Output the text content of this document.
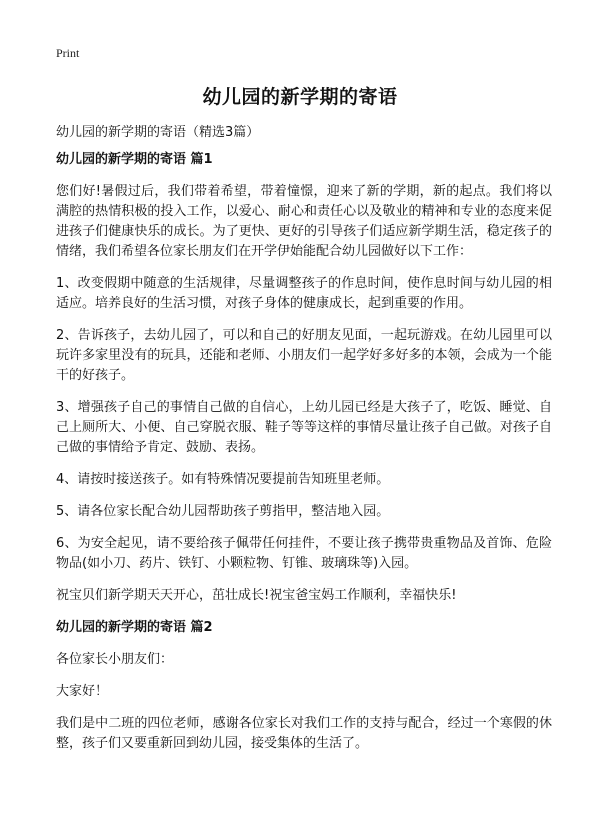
Print
幼儿园的新学期的寄语
幼儿园的新学期的寄语（精选3篇）
幼儿园的新学期的寄语 篇1

您们好!暑假过后，我们带着希望，带着憧憬，迎来了新的学期，新的起点。我们将以满腔的热情积极的投入工作，以爱心、耐心和责任心以及敬业的精神和专业的态度来促进孩子们健康快乐的成长。为了更快、更好的引导孩子们适应新学期生活，稳定孩子的情绪，我们希望各位家长朋友们在开学伊始能配合幼儿园做好以下工作：

1、改变假期中随意的生活规律，尽量调整孩子的作息时间，使作息时间与幼儿园的相适应。培养良好的生活习惯，对孩子身体的健康成长，起到重要的作用。

2、告诉孩子，去幼儿园了，可以和自己的好朋友见面，一起玩游戏。在幼儿园里可以玩许多家里没有的玩具，还能和老师、小朋友们一起学好多好多的本领，会成为一个能干的好孩子。

3、增强孩子自己的事情自己做的自信心，上幼儿园已经是大孩子了，吃饭、睡觉、自己上厕所大、小便、自己穿脱衣服、鞋子等等这样的事情尽量让孩子自己做。对孩子自己做的事情给予肯定、鼓励、表扬。

4、请按时接送孩子。如有特殊情况要提前告知班里老师。

5、请各位家长配合幼儿园帮助孩子剪指甲，整洁地入园。

6、为安全起见，请不要给孩子佩带任何挂件，不要让孩子携带贵重物品及首饰、危险物品(如小刀、药片、铁钉、小颗粒物、钉锥、玻璃珠等)入园。

祝宝贝们新学期天天开心，茁壮成长!祝宝爸宝妈工作顺利，幸福快乐!

幼儿园的新学期的寄语 篇2

各位家长小朋友们：

大家好！

我们是中二班的四位老师，感谢各位家长对我们工作的支持与配合，经过一个寒假的休整，孩子们又要重新回到幼儿园，接受集体的生活了。
